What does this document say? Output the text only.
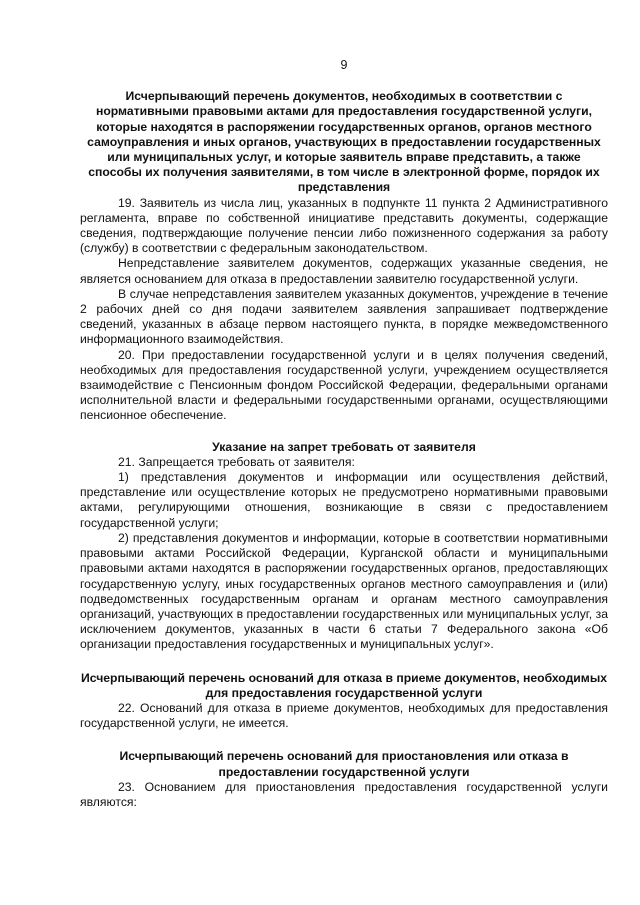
9

Исчерпывающий перечень документов, необходимых в соответствии с нормативными правовыми актами для предоставления государственной услуги, которые находятся в распоряжении государственных органов, органов местного самоуправления и иных органов, участвующих в предоставлении государственных или муниципальных услуг, и которые заявитель вправе представить, а также способы их получения заявителями, в том числе в электронной форме, порядок их представления

19. Заявитель из числа лиц, указанных в подпункте 11 пункта 2 Административного регламента, вправе по собственной инициативе представить документы, содержащие сведения, подтверждающие получение пенсии либо пожизненного содержания за работу (службу) в соответствии с федеральным законодательством.

Непредставление заявителем документов, содержащих указанные сведения, не является основанием для отказа в предоставлении заявителю государственной услуги.

В случае непредставления заявителем указанных документов, учреждение в течение 2 рабочих дней со дня подачи заявителем заявления запрашивает подтверждение сведений, указанных в абзаце первом настоящего пункта, в порядке межведомственного информационного взаимодействия.

20. При предоставлении государственной услуги и в целях получения сведений, необходимых для предоставления государственной услуги, учреждением осуществляется взаимодействие с Пенсионным фондом Российской Федерации, федеральными органами исполнительной власти и федеральными государственными органами, осуществляющими пенсионное обеспечение.

Указание на запрет требовать от заявителя

21. Запрещается требовать от заявителя:

1) представления документов и информации или осуществления действий, представление или осуществление которых не предусмотрено нормативными правовыми актами, регулирующими отношения, возникающие в связи с предоставлением государственной услуги;

2) представления документов и информации, которые в соответствии нормативными правовыми актами Российской Федерации, Курганской области и муниципальными правовыми актами находятся в распоряжении государственных органов, предоставляющих государственную услугу, иных государственных органов местного самоуправления и (или) подведомственных государственным органам и органам местного самоуправления организаций, участвующих в предоставлении государственных или муниципальных услуг, за исключением документов, указанных в части 6 статьи 7 Федерального закона «Об организации предоставления государственных и муниципальных услуг».

Исчерпывающий перечень оснований для отказа в приеме документов, необходимых для предоставления государственной услуги

22. Оснований для отказа в приеме документов, необходимых для предоставления государственной услуги, не имеется.

Исчерпывающий перечень оснований для приостановления или отказа в предоставлении государственной услуги

23. Основанием для приостановления предоставления государственной услуги являются:
